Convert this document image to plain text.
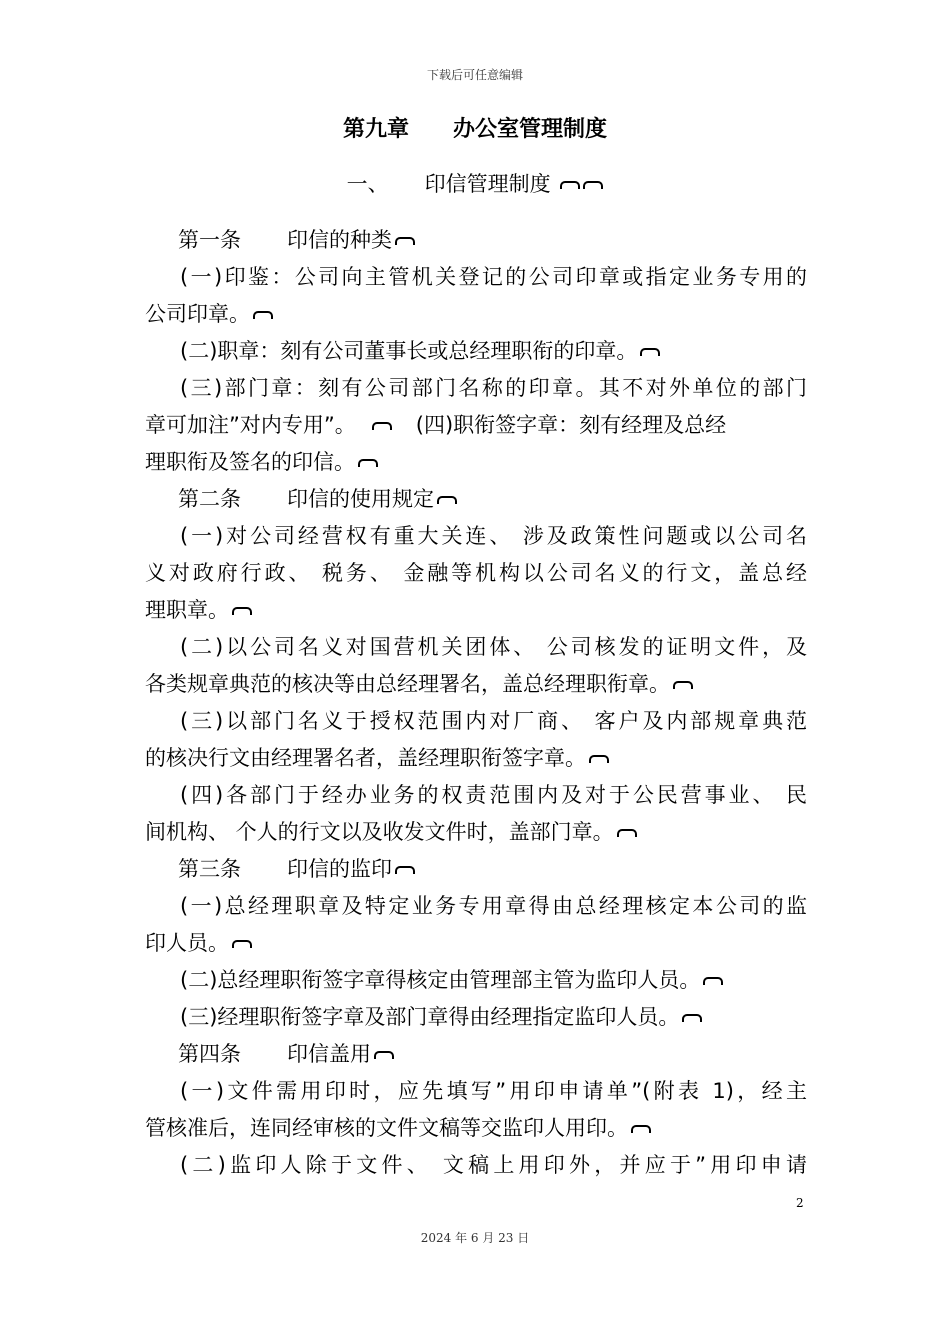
下载后可任意编辑
第九章 办公室管理制度
一、 印信管理制度
第一条 印信的种类
(一)印鉴：公司向主管机关登记的公司印章或指定业务专用的
公司印章。
(二)职章：刻有公司董事长或总经理职衔的印章。
(三)部门章：刻有公司部门名称的印章。其不对外单位的部门
章可加注”对内专用”。	(四)职衔签字章：刻有经理及总经
理职衔及签名的印信。
第二条 印信的使用规定
(一)对公司经营权有重大关连、 涉及政策性问题或以公司名
义对政府行政、 税务、 金融等机构以公司名义的行文，盖总经
理职章。
(二)以公司名义对国营机关团体、 公司核发的证明文件，及
各类规章典范的核决等由总经理署名，盖总经理职衔章。
(三)以部门名义于授权范围内对厂商、 客户及内部规章典范
的核决行文由经理署名者，盖经理职衔签字章。
(四)各部门于经办业务的权责范围内及对于公民营事业、 民
间机构、 个人的行文以及收发文件时，盖部门章。
第三条 印信的监印
(一)总经理职章及特定业务专用章得由总经理核定本公司的监
印人员。
(二)总经理职衔签字章得核定由管理部主管为监印人员。
(三)经理职衔签字章及部门章得由经理指定监印人员。
第四条 印信盖用
(一)文件需用印时，应先填写”用印申请单”(附表 1)，经主
管核准后，连同经审核的文件文稿等交监印人用印。
(二)监印人除于文件、 文稿上用印外，并应于”用印申请
2
2024 年 6 月 23 日
